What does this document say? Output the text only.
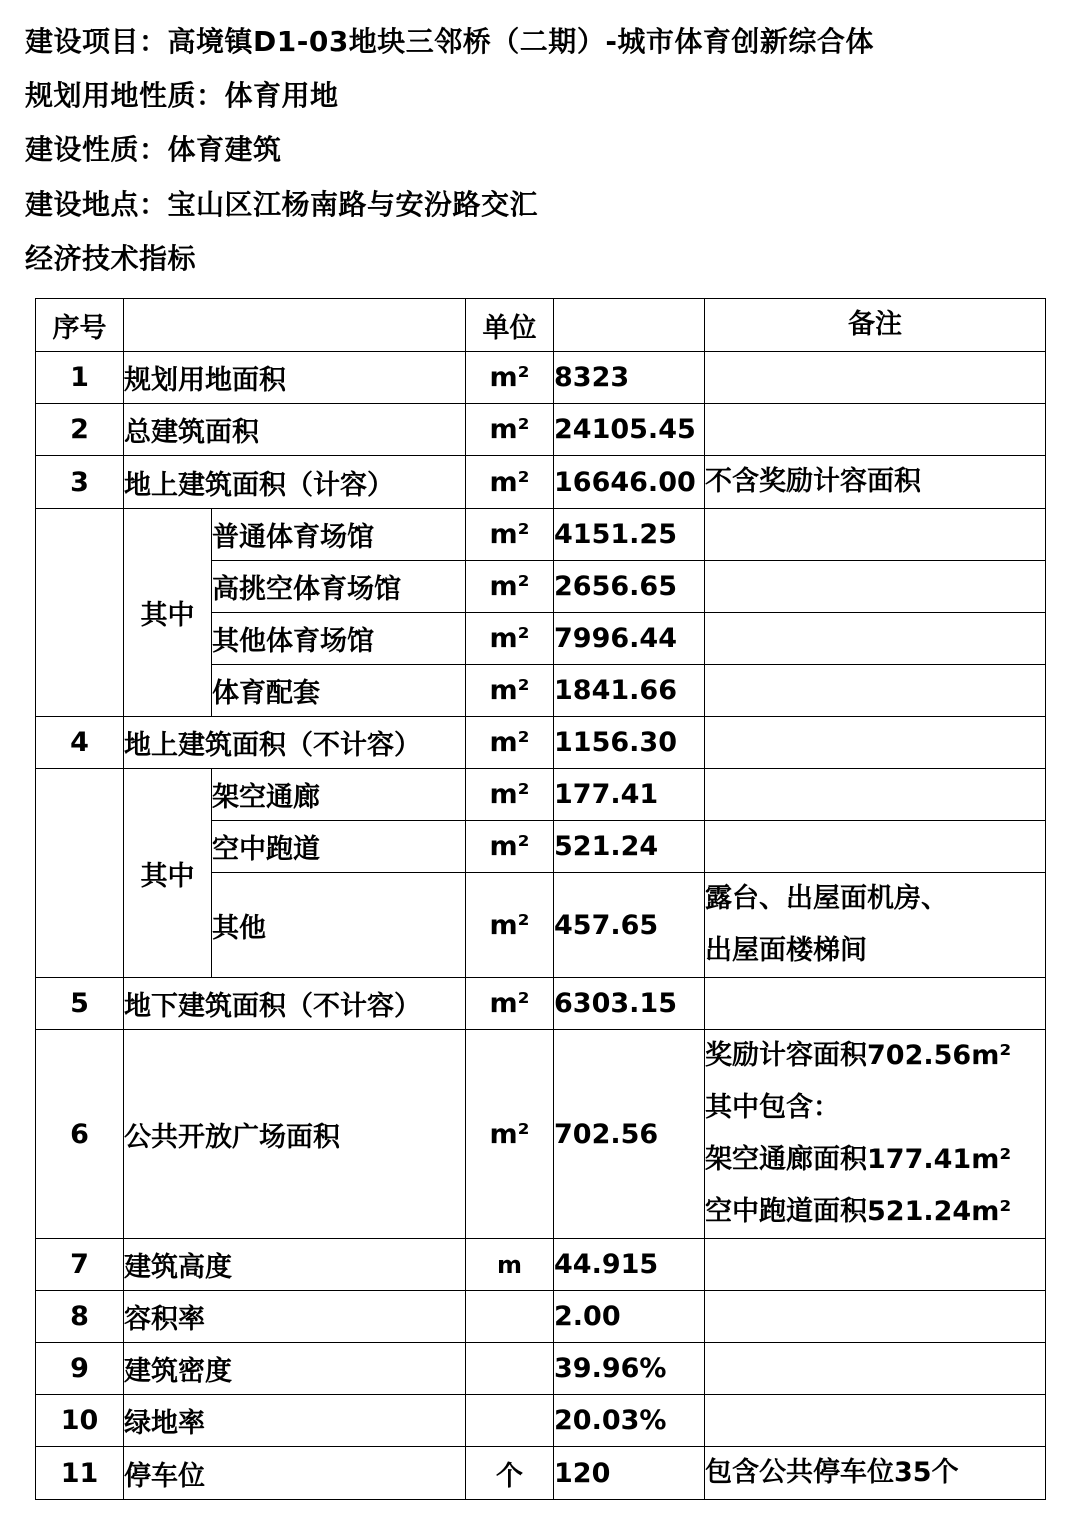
建设项目：高境镇D1-03地块三邻桥（二期）-城市体育创新综合体
规划用地性质：体育用地
建设性质：体育建筑
建设地点：宝山区江杨南路与安汾路交汇
经济技术指标
序号			单位		备注
1	规划用地面积		m²	8323	
2	总建筑面积		m²	24105.45	
3	地上建筑面积（计容）		m²	16646.00	不含奖励计容面积
	其中	普通体育场馆	m²	4151.25	
		高挑空体育场馆	m²	2656.65	
		其他体育场馆	m²	7996.44	
		体育配套	m²	1841.66	
4	地上建筑面积（不计容）		m²	1156.30	
	其中	架空通廊	m²	177.41	
		空中跑道	m²	521.24	
		其他	m²	457.65	露台、出屋面机房、
出屋面楼梯间

5	地下建筑面积（不计容）		m²	6303.15	
6	公共开放广场面积		m²	702.56	奖励计容面积702.56m²
其中包含：
架空通廊面积177.41m²
空中跑道面积521.24m²

7	建筑高度		m	44.915	
8	容积率			2.00	
9	建筑密度			39.96%	
10	绿地率			20.03%	
11	停车位		个	120	包含公共停车位35个
